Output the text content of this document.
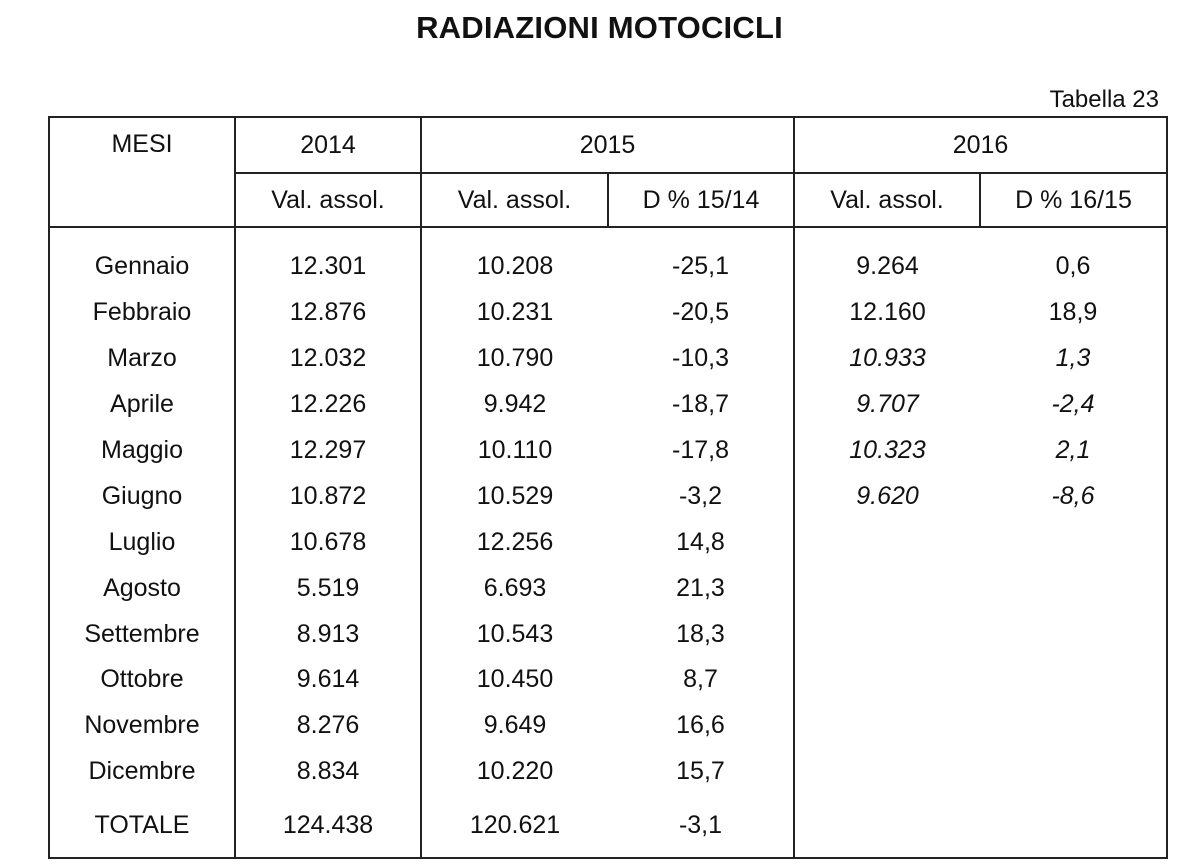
RADIAZIONI MOTOCICLI
Tabella 23
MESI	2014	2015		2016	
	Val. assol.	Val. assol.	D % 15/14	Val. assol.	D % 16/15

Gennaio	12.301	10.208	-25,1	9.264	0,6
Febbraio	12.876	10.231	-20,5	12.160	18,9
Marzo	12.032	10.790	-10,3	10.933	1,3
Aprile	12.226	9.942	-18,7	9.707	-2,4
Maggio	12.297	10.110	-17,8	10.323	2,1
Giugno	10.872	10.529	-3,2	9.620	-8,6
Luglio	10.678	12.256	14,8		
Agosto	5.519	6.693	21,3		
Settembre	8.913	10.543	18,3		
Ottobre	9.614	10.450	8,7		
Novembre	8.276	9.649	16,6		
Dicembre	8.834	10.220	15,7		
TOTALE	124.438	120.621	-3,1		
